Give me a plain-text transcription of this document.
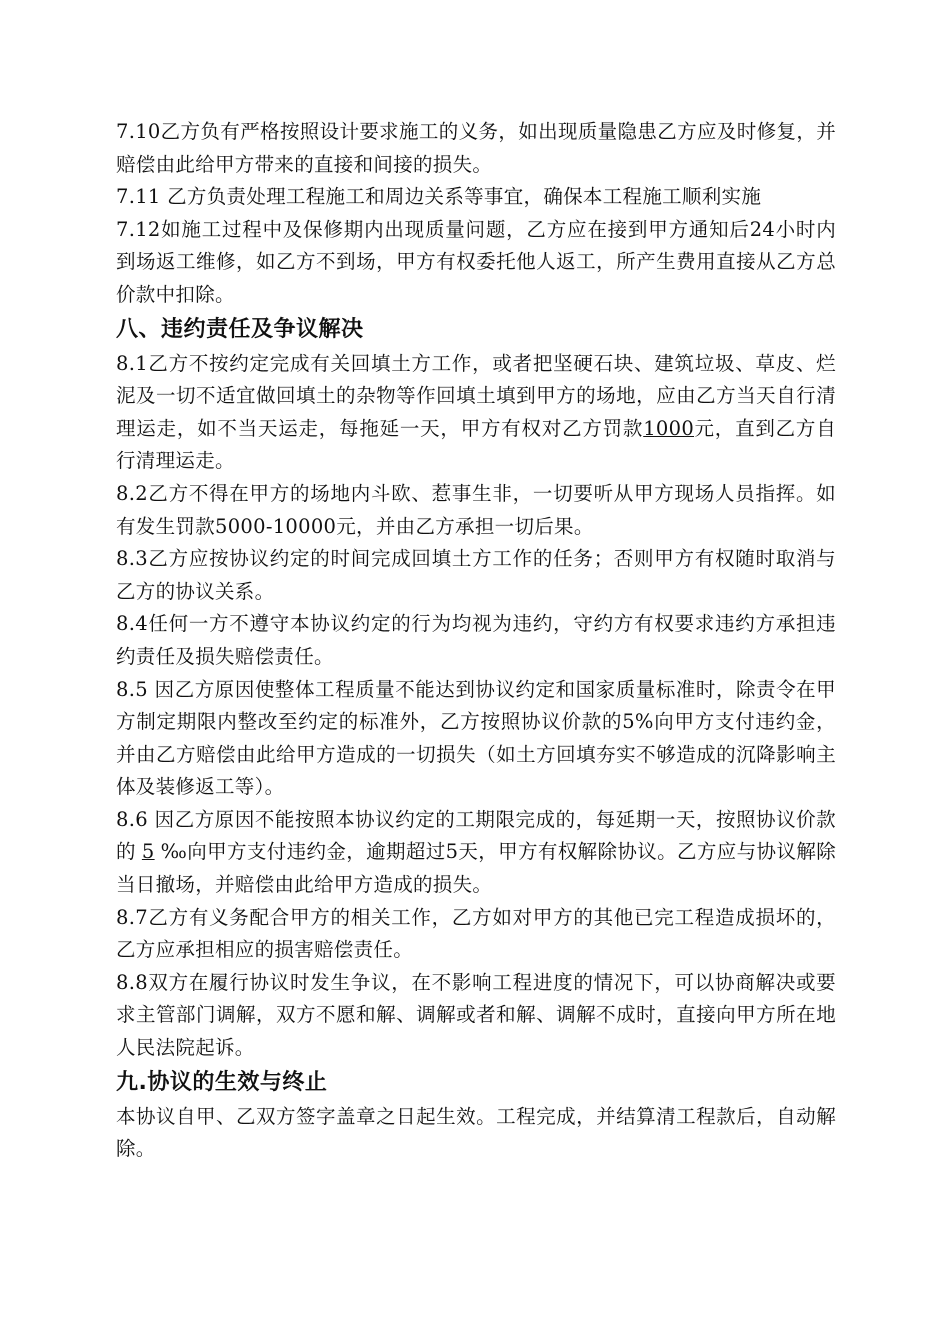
7.10乙方负有严格按照设计要求施工的义务，如出现质量隐患乙方应及时修复，并赔偿由此给甲方带来的直接和间接的损失。

7.11 乙方负责处理工程施工和周边关系等事宜，确保本工程施工顺利实施

7.12如施工过程中及保修期内出现质量问题，乙方应在接到甲方通知后24小时内到场返工维修，如乙方不到场，甲方有权委托他人返工，所产生费用直接从乙方总价款中扣除。

八、违约责任及争议解决

8.1乙方不按约定完成有关回填土方工作，或者把坚硬石块、建筑垃圾、草皮、烂泥及一切不适宜做回填土的杂物等作回填土填到甲方的场地，应由乙方当天自行清理运走，如不当天运走，每拖延一天，甲方有权对乙方罚款1000元，直到乙方自行清理运走。

8.2乙方不得在甲方的场地内斗欧、惹事生非，一切要听从甲方现场人员指挥。如有发生罚款5000-10000元，并由乙方承担一切后果。

8.3乙方应按协议约定的时间完成回填土方工作的任务；否则甲方有权随时取消与乙方的协议关系。

8.4任何一方不遵守本协议约定的行为均视为违约，守约方有权要求违约方承担违约责任及损失赔偿责任。

8.5 因乙方原因使整体工程质量不能达到协议约定和国家质量标准时，除责令在甲方制定期限内整改至约定的标准外，乙方按照协议价款的5%向甲方支付违约金，并由乙方赔偿由此给甲方造成的一切损失（如土方回填夯实不够造成的沉降影响主体及装修返工等）。

8.6 因乙方原因不能按照本协议约定的工期限完成的，每延期一天，按照协议价款的 5 ‰向甲方支付违约金，逾期超过5天，甲方有权解除协议。乙方应与协议解除当日撤场，并赔偿由此给甲方造成的损失。

8.7乙方有义务配合甲方的相关工作，乙方如对甲方的其他已完工程造成损坏的，乙方应承担相应的损害赔偿责任。

8.8双方在履行协议时发生争议，在不影响工程进度的情况下，可以协商解决或要求主管部门调解，双方不愿和解、调解或者和解、调解不成时，直接向甲方所在地人民法院起诉。

九.协议的生效与终止

本协议自甲、乙双方签字盖章之日起生效。工程完成，并结算清工程款后，自动解除。
